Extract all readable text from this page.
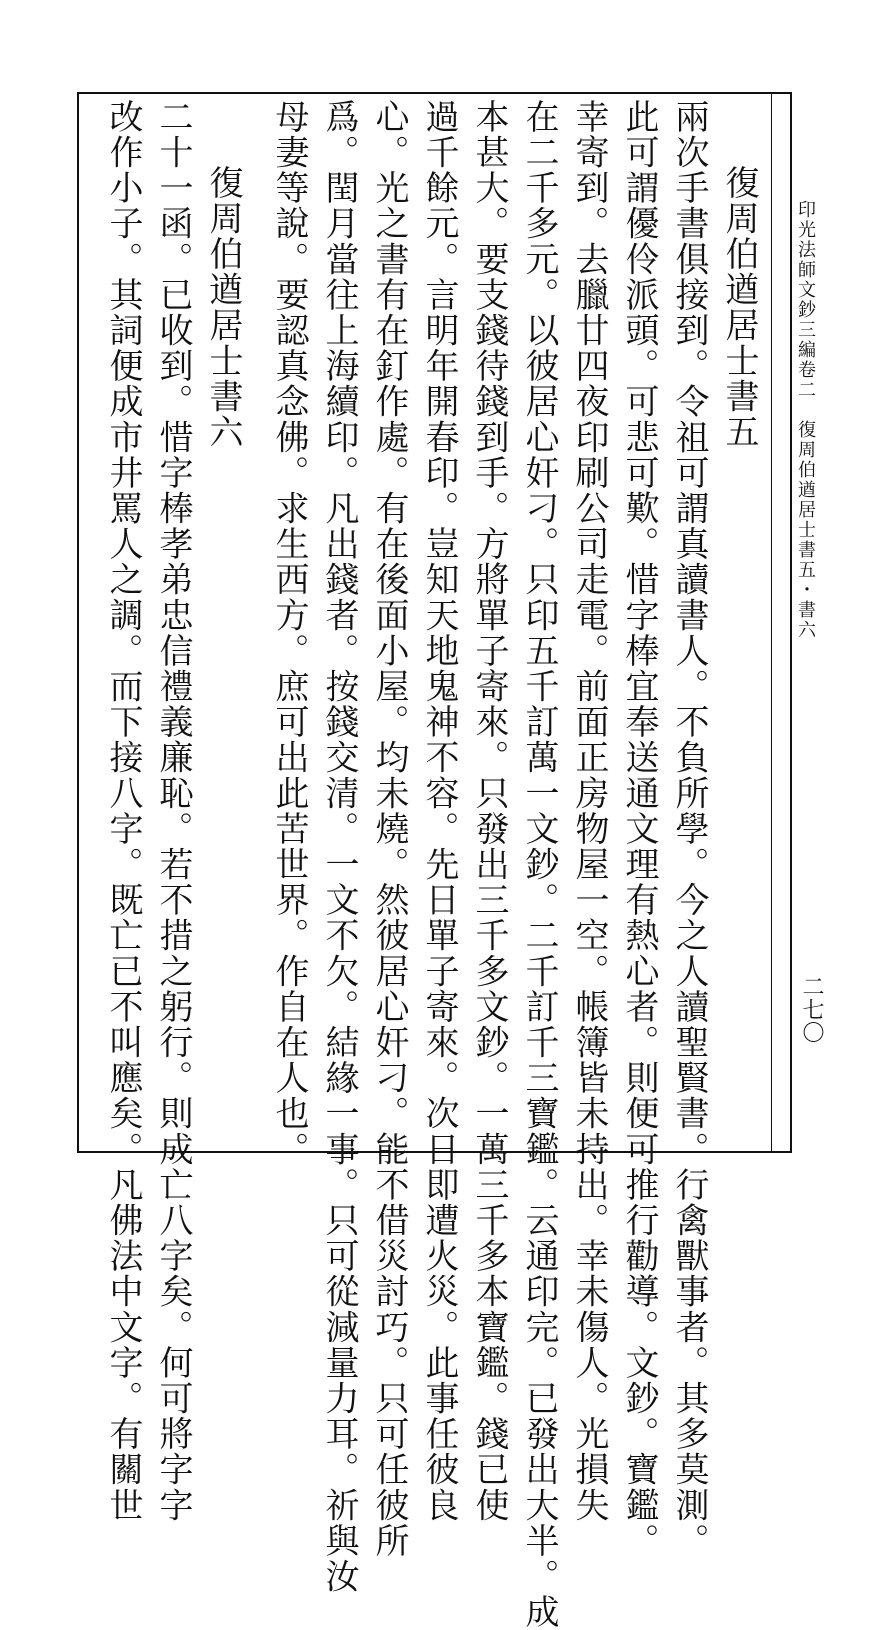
印光法師文鈔三編卷二　復周伯遒居士書五・書六
二七〇
復周伯遒居士書五
兩次手書俱接到。令祖可謂真讀書人。不負所學。今之人讀聖賢書。行禽獸事者。其多莫測。
此可謂優伶派頭。可悲可歎。惜字棒宜奉送通文理有熱心者。則便可推行勸導。文鈔。寶鑑。
幸寄到。去臘廿四夜印刷公司走電。前面正房物屋一空。帳簿皆未持出。幸未傷人。光損失
在二千多元。以彼居心奸刁。只印五千訂萬一文鈔。二千訂千三寶鑑。云通印完。已發出大半。成
本甚大。要支錢待錢到手。方將單子寄來。只發出三千多文鈔。一萬三千多本寶鑑。錢已使
過千餘元。言明年開春印。豈知天地鬼神不容。先日單子寄來。次日即遭火災。此事任彼良
心。光之書有在釘作處。有在後面小屋。均未燒。然彼居心奸刁。能不借災討巧。只可任彼所
爲。閏月當往上海續印。凡出錢者。按錢交清。一文不欠。結緣一事。只可從減量力耳。祈與汝
母妻等說。要認真念佛。求生西方。庶可出此苦世界。作自在人也。
復周伯遒居士書六
二十一函。已收到。惜字棒孝弟忠信禮義廉恥。若不措之躬行。則成亡八字矣。何可將字字
改作小子。其詞便成市井罵人之調。而下接八字。既亡已不叫應矣。凡佛法中文字。有關世
